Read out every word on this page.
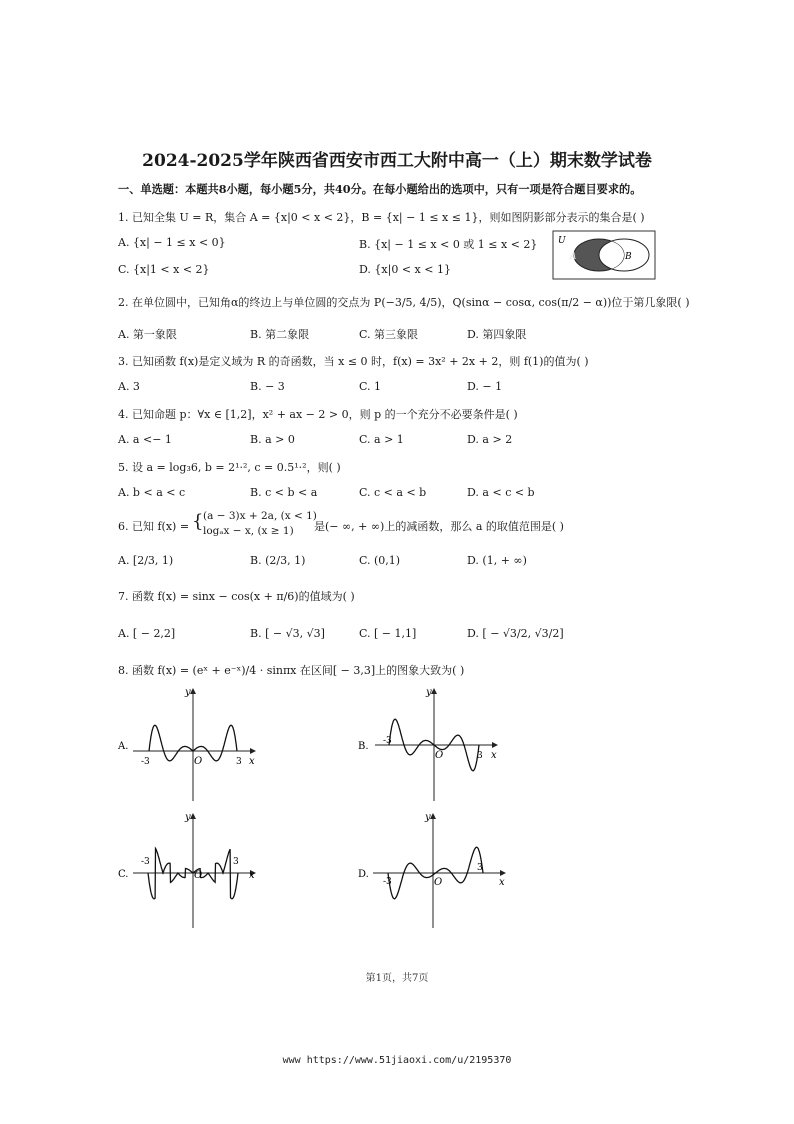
2024-2025学年陕西省西安市西工大附中高一（上）期末数学试卷
一、单选题：本题共8小题，每小题5分，共40分。在每小题给出的选项中，只有一项是符合题目要求的。
1. 已知全集 U = R，集合 A = {x|0 < x < 2}，B = {x| − 1 ≤ x ≤ 1}，则如图阴影部分表示的集合是( )
A. {x| − 1 ≤ x < 0}	B. {x| − 1 ≤ x < 0 或 1 ≤ x < 2}
C. {x|1 < x < 2}	D. {x|0 < x < 1}
U
A	B
2. 在单位圆中，已知角α的终边上与单位圆的交点为 P(−3/5, 4/5)，Q(sinα − cosα, cos(π/2 − α))位于第几象限( )
A. 第一象限	B. 第二象限	C. 第三象限	D. 第四象限
3. 已知函数 f(x)是定义域为 R 的奇函数，当 x ≤ 0 时，f(x) = 3x² + 2x + 2，则 f(1)的值为( )
A. 3	B. − 3	C. 1	D. − 1
4. 已知命题 p：∀x ∈ [1,2]，x² + ax − 2 > 0，则 p 的一个充分不必要条件是( )
A. a <− 1	B. a > 0	C. a > 1	D. a > 2
5. 设 a = log₃6, b = 2¹·², c = 0.5¹·²，则( )
A. b < a < c	B. c < b < a	C. c < a < b	D. a < c < b
6. 已知 f(x) = { (a − 3)x + 2a, (x < 1)
logₐx − x, (x ≥ 1) 是(− ∞, + ∞)上的减函数，那么 a 的取值范围是( )
A. [2/3, 1)	B. (2/3, 1)	C. (0,1)	D. (1, + ∞)
7. 函数 f(x) = sinx − cos(x + π/6)的值域为( )
A. [ − 2,2]	B. [ − √3, √3]	C. [ − 1,1]	D. [ − √3/2, √3/2]
8. 函数 f(x) = (eˣ + e⁻ˣ)/4 · sinπx 在区间[ − 3,3]上的图象大致为( )
A.
-3	3
O	x
y
B. -3
3
O	x
y
C.
-3	3
O	x
y
D.
-3
3
O	x
y
第1页，共7页
www https://www.51jiaoxi.com/u/2195370
